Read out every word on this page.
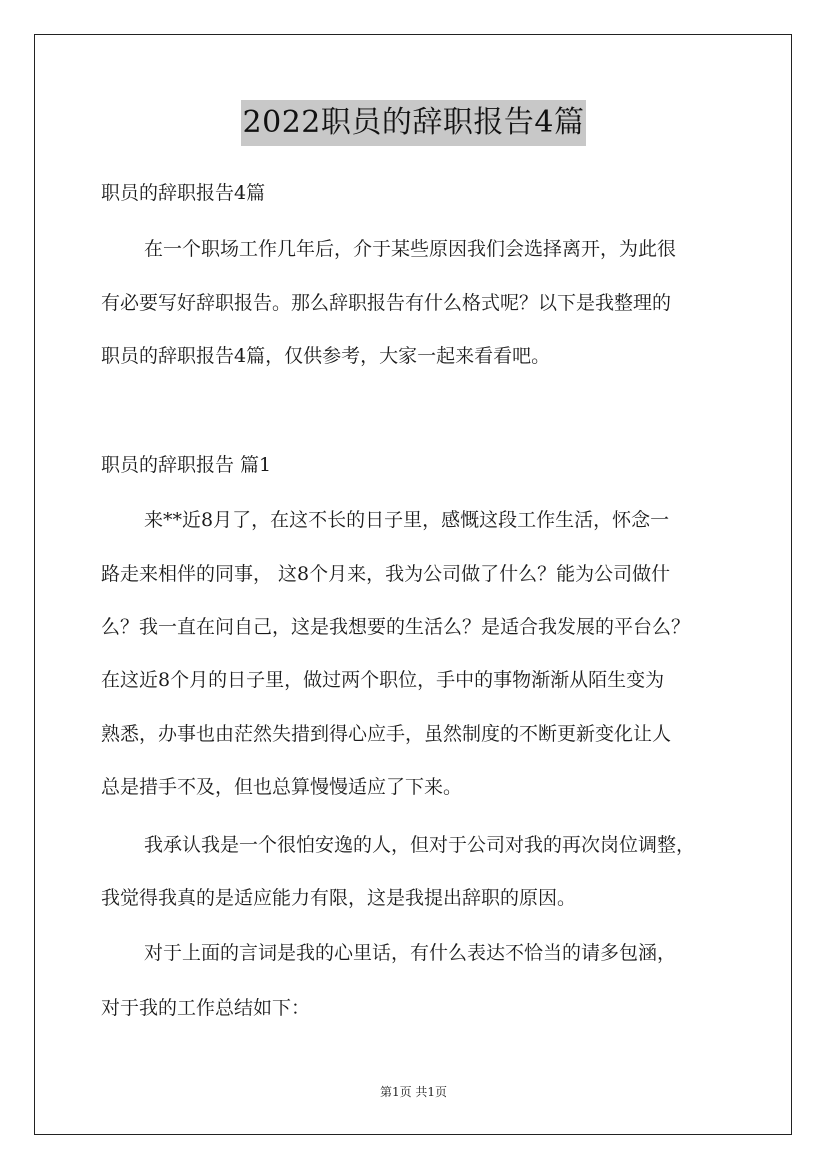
2022职员的辞职报告4篇
职员的辞职报告4篇
在一个职场工作几年后，介于某些原因我们会选择离开，为此很
有必要写好辞职报告。那么辞职报告有什么格式呢？以下是我整理的
职员的辞职报告4篇，仅供参考，大家一起来看看吧。
职员的辞职报告 篇1
来**近8月了，在这不长的日子里，感慨这段工作生活，怀念一
路走来相伴的同事， 这8个月来，我为公司做了什么？能为公司做什
么？我一直在问自己，这是我想要的生活么？是适合我发展的平台么？
在这近8个月的日子里，做过两个职位，手中的事物渐渐从陌生变为
熟悉，办事也由茫然失措到得心应手，虽然制度的不断更新变化让人
总是措手不及，但也总算慢慢适应了下来。
我承认我是一个很怕安逸的人，但对于公司对我的再次岗位调整，
我觉得我真的是适应能力有限，这是我提出辞职的原因。
对于上面的言词是我的心里话，有什么表达不恰当的请多包涵，
对于我的工作总结如下：
第1页 共1页
